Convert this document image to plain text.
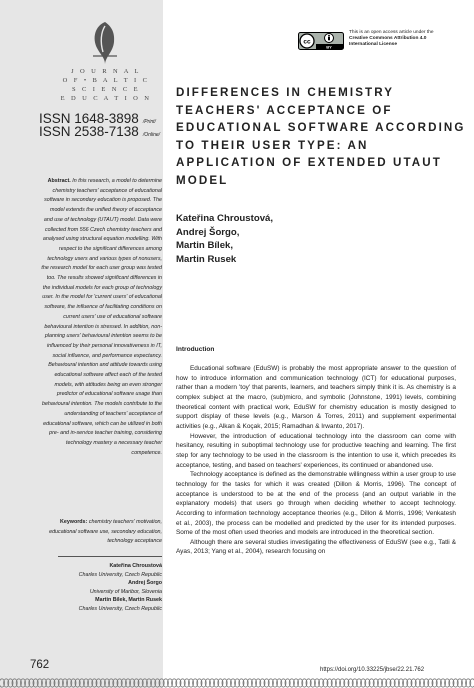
J O U R N A L
O F • B A L T I C
S C I E N C E
E D U C A T I O N
ISSN 1648-3898 /Print/
ISSN 2538-7138 /Online/
Abstract. In this research, a model to determine chemistry teachers' acceptance of educational software in secondary education is proposed. The model extends the unified theory of acceptance and use of technology (UTAUT) model. Data were collected from 556 Czech chemistry teachers and analysed using structural equation modelling. With respect to the significant differences among technology users and various types of nonusers, the research model for each user group was tested too. The results showed significant differences in the individual models for each group of technology user. In the model for 'current users' of educational software, the influence of facilitating conditions on current users' use of educational software behavioural intention is stressed. In addition, non-planning users' behavioural intention seems to be influenced by their personal innovativeness in IT, social influence, and performance expectancy. Behavioural intention and attitude towards using educational software affect each of the tested models, with attitudes being an even stronger predictor of educational software usage than behavioural intention. The models contribute to the understanding of teachers' acceptance of educational software, which can be utilized in both pre- and in-service teacher training, considering technology mastery a necessary teacher competence.
Keywords: chemistry teachers' motivation, educational software use, secondary education, technology acceptance
Kateřina Chroustová
Charles University, Czech Republic
Andrej Šorgo
University of Maribor, Slovenia
Martin Bílek, Martin Rusek
Charles University, Czech Republic
762
cc
BY
This is an open access article under the
Creative Commons Attribution 4.0
International License
DIFFERENCES IN CHEMISTRY TEACHERS' ACCEPTANCE OF EDUCATIONAL SOFTWARE ACCORDING TO THEIR USER TYPE: AN APPLICATION OF EXTENDED UTAUT MODEL
Kateřina Chroustová,
Andrej Šorgo,
Martin Bílek,
Martin Rusek
Introduction

Educational software (EduSW) is probably the most appropriate answer to the question of how to introduce information and communication technology (ICT) for educational purposes, rather than a modern 'toy' that parents, learners, and teachers simply think it is. As chemistry is a complex subject at the macro, (sub)micro, and symbolic (Johnstone, 1991) levels, combining theoretical content with practical work, EduSW for chemistry education is mostly designed to support display of these levels (e.g., Marson & Torres, 2011) and supplement experimental activities (e.g., Alkan & Koçak, 2015; Ramadhan & Irwanto, 2017).

However, the introduction of educational technology into the classroom can come with hesitancy, resulting in suboptimal technology use for productive teaching and learning. The first step for any technology to be used in the classroom is the intention to use it, which precedes its acceptance, testing, and based on teachers' experiences, its continued or abandoned use.

Technology acceptance is defined as the demonstrable willingness within a user group to use technology for the tasks for which it was created (Dillon & Morris, 1996). The concept of acceptance is understood to be at the end of the process (and an output variable in the explanatory models) that users go through when deciding whether to accept technology. According to information technology acceptance theories (e.g., Dillon & Morris, 1996; Venkatesh et al., 2003), the process can be modelled and predicted by the user for its intended purposes. Some of the most often used theories and models are introduced in the theoretical section.

Although there are several studies investigating the effectiveness of EduSW (see e.g., Tatli & Ayas, 2013; Yang et al., 2004), research focusing on

https://doi.org/10.33225/jbse/22.21.762
